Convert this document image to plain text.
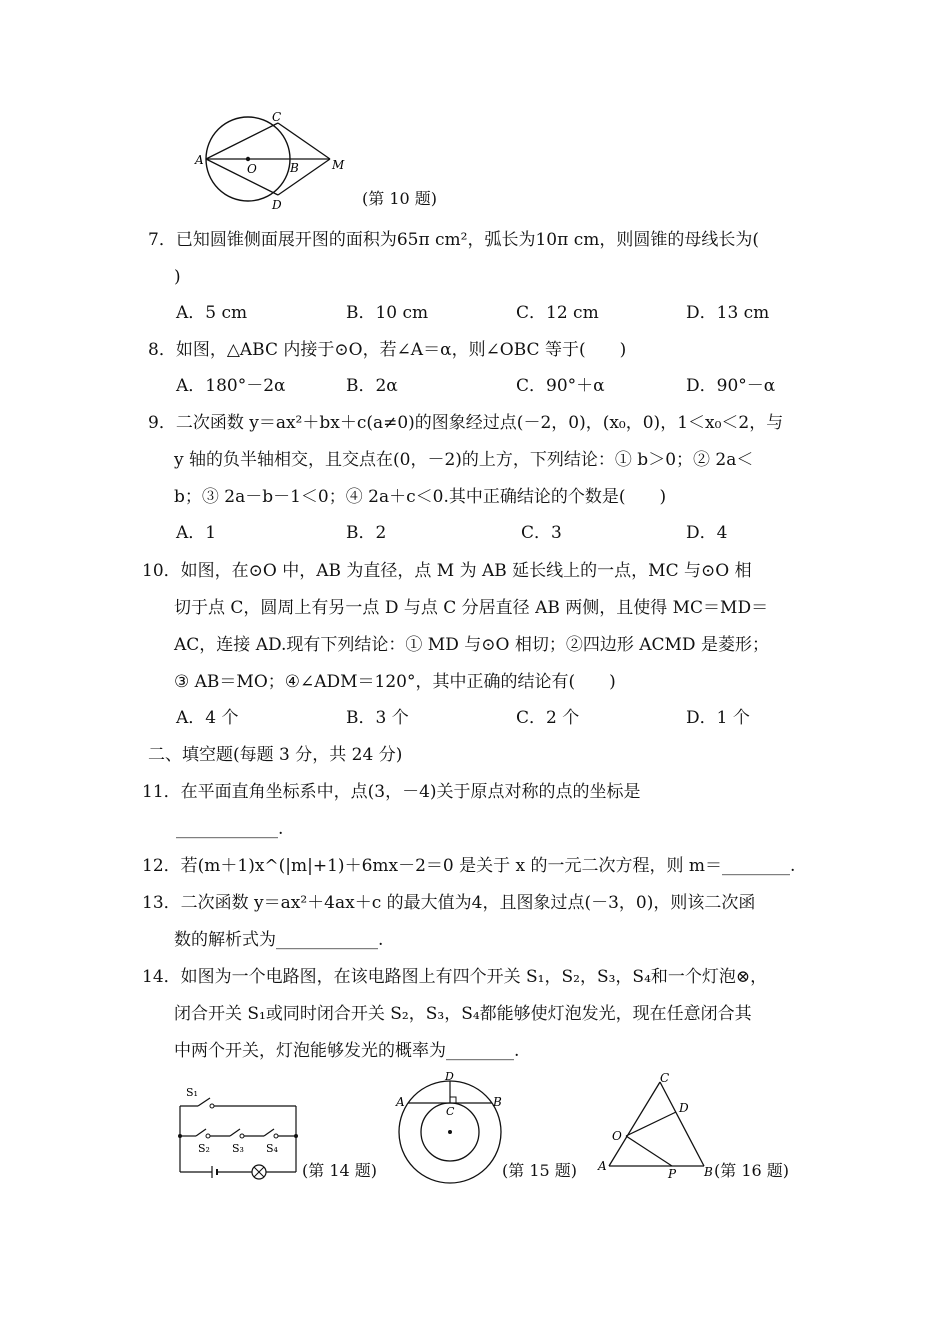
A
O	B	M
C
D	(第 10 题)
7．已知圆锥侧面展开图的面积为65π cm²，弧长为10π cm，则圆锥的母线长为(
)
A．5 cm	B．10 cm	C．12 cm	D．13 cm
8．如图，△ABC 内接于⊙O，若∠A＝α，则∠OBC 等于(　　)
A．180°－2α	B．2α	C．90°＋α	D．90°－α
9．二次函数 y＝ax²＋bx＋c(a≠0)的图象经过点(－2，0)，(x₀，0)，1＜x₀＜2，与
y 轴的负半轴相交，且交点在(0，－2)的上方，下列结论：① b＞0；② 2a＜
b；③ 2a－b－1＜0；④ 2a＋c＜0.其中正确结论的个数是(　　)
A．1	B．2	C．3	D．4
10．如图，在⊙O 中，AB 为直径，点 M 为 AB 延长线上的一点，MC 与⊙O 相
切于点 C，圆周上有另一点 D 与点 C 分居直径 AB 两侧，且使得 MC＝MD＝
AC，连接 AD.现有下列结论：① MD 与⊙O 相切；②四边形 ACMD 是菱形；
③ AB＝MO；④∠ADM＝120°，其中正确的结论有(　　)
A．4 个	B．3 个	C．2 个	D．1 个
二、填空题(每题 3 分，共 24 分)
11．在平面直角坐标系中，点(3，－4)关于原点对称的点的坐标是
____________.
12．若(m＋1)x^(|m|+1)＋6mx－2＝0 是关于 x 的一元二次方程，则 m＝________.
13．二次函数 y＝ax²＋4ax＋c 的最大值为4，且图象过点(－3，0)，则该二次函
数的解析式为____________.
14．如图为一个电路图，在该电路图上有四个开关 S₁，S₂，S₃，S₄和一个灯泡⊗，
闭合开关 S₁或同时闭合开关 S₂，S₃，S₄都能够使灯泡发光，现在任意闭合其
中两个开关，灯泡能够发光的概率为________.
S₁
S₂ S₃ S₄
(第 14 题)
A	B
C
D
(第 15 题) A	B
C
D
O
P (第 16 题)
